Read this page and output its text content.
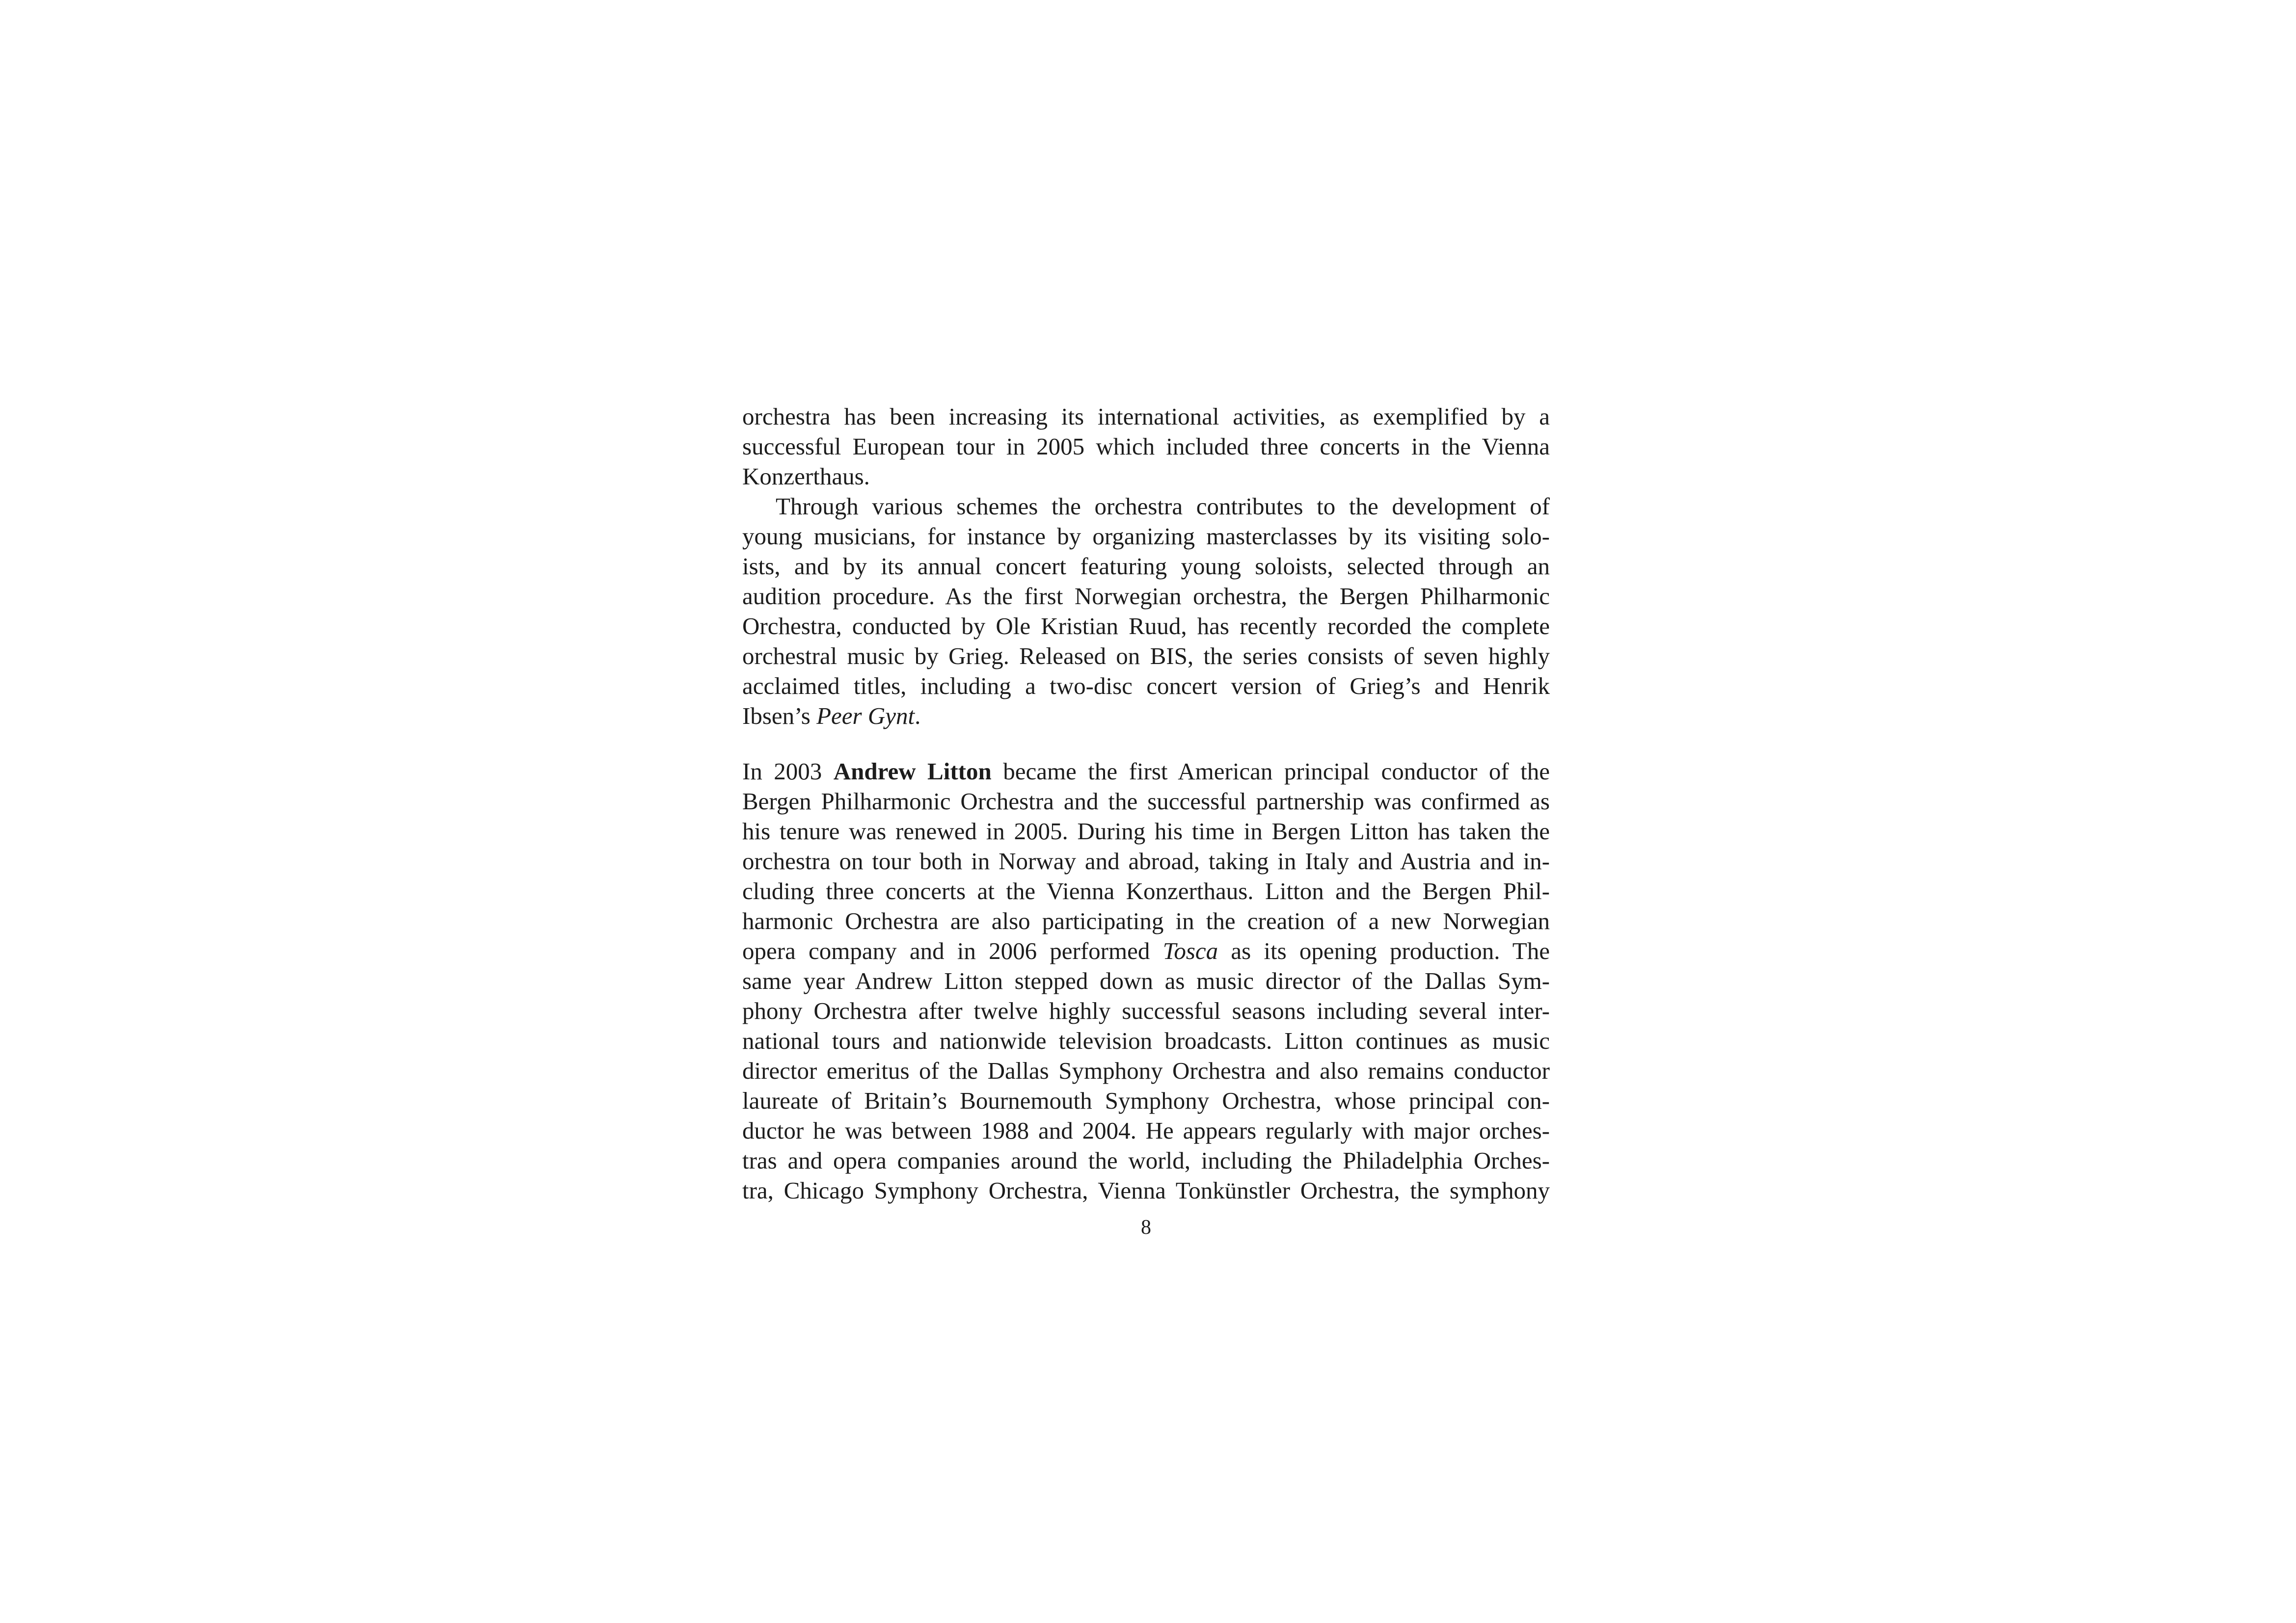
orchestra has been increasing its international activities, as exemplified by a
successful European tour in 2005 which included three concerts in the Vienna
Konzerthaus.
Through various schemes the orchestra contributes to the development of
young musicians, for instance by organizing masterclasses by its visiting solo-
ists, and by its annual concert featuring young soloists, selected through an
audition procedure. As the first Norwegian orchestra, the Bergen Philharmonic
Orchestra, conducted by Ole Kristian Ruud, has recently recorded the complete
orchestral music by Grieg. Released on BIS, the series consists of seven highly
acclaimed titles, including a two-disc concert version of Grieg’s and Henrik
Ibsen’s Peer Gynt.
In 2003 Andrew Litton became the first American principal conductor of the
Bergen Philharmonic Orchestra and the successful partnership was confirmed as
his tenure was renewed in 2005. During his time in Bergen Litton has taken the
orchestra on tour both in Norway and abroad, taking in Italy and Austria and in-
cluding three concerts at the Vienna Konzerthaus. Litton and the Bergen Phil-
harmonic Orchestra are also participating in the creation of a new Norwegian
opera company and in 2006 performed Tosca as its opening production. The
same year Andrew Litton stepped down as music director of the Dallas Sym-
phony Orchestra after twelve highly successful seasons including several inter-
national tours and nationwide television broadcasts. Litton continues as music
director emeritus of the Dallas Symphony Orchestra and also remains conductor
laureate of Britain’s Bournemouth Symphony Orchestra, whose principal con-
ductor he was between 1988 and 2004. He appears regularly with major orches-
tras and opera companies around the world, including the Philadelphia Orches-
tra, Chicago Symphony Orchestra, Vienna Tonkünstler Orchestra, the symphony
8
